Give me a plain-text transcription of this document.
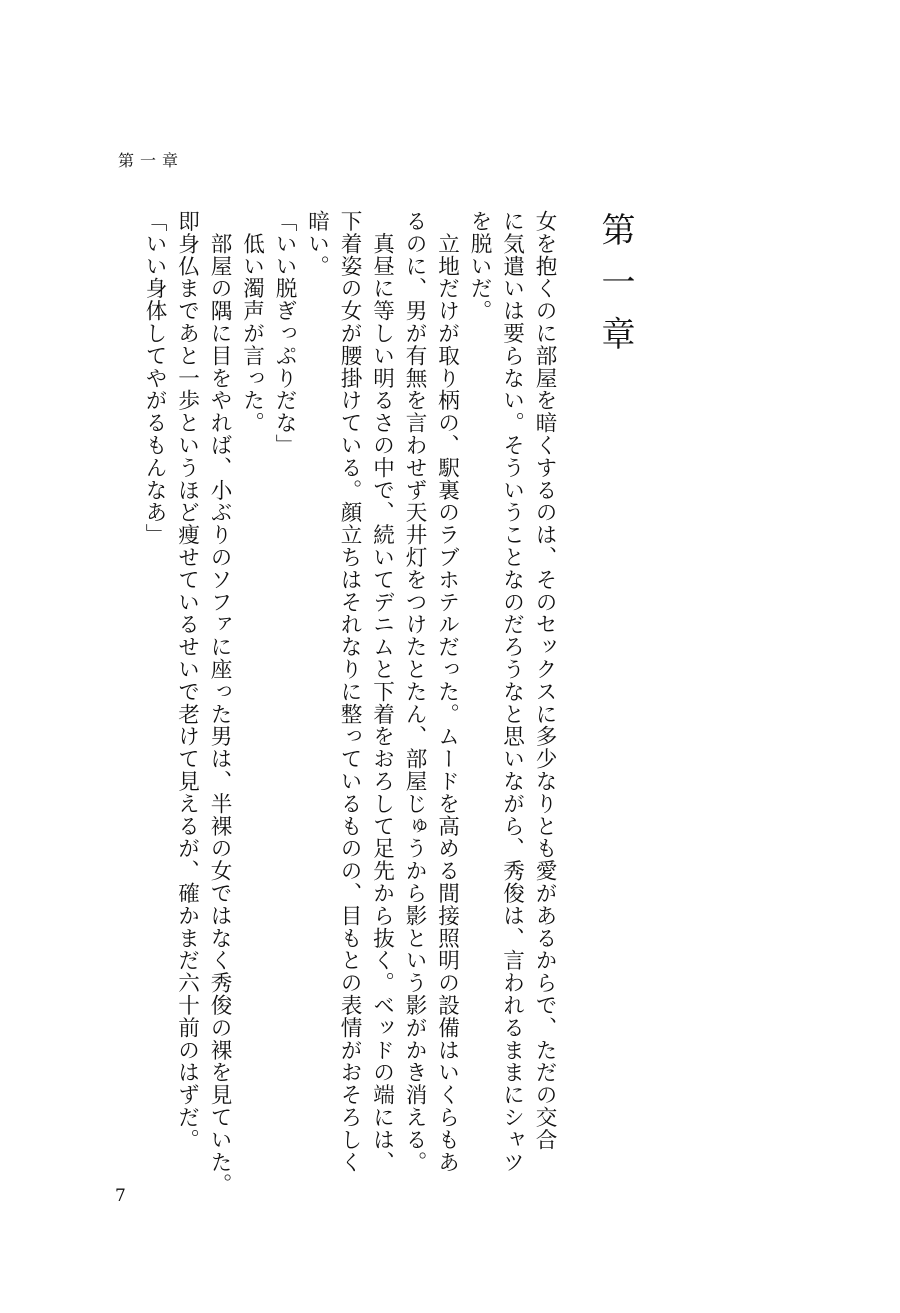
第一章
第一章

女を抱くのに部屋を暗くするのは、そのセックスに多少なりとも愛があるからで、ただの交合

に気遣いは要らない。そういうことなのだろうなと思いながら、秀俊は、言われるままにシャツ

を脱いだ。

　立地だけが取り柄の、駅裏のラブホテルだった。ムードを高める間接照明の設備はいくらもあ

るのに、男が有無を言わせず天井灯をつけたとたん、部屋じゅうから影という影がかき消える。

　真昼に等しい明るさの中で、続いてデニムと下着をおろして足先から抜く。ベッドの端には、

下着姿の女が腰掛けている。顔立ちはそれなりに整っているものの、目もとの表情がおそろしく

暗い。

「いい脱ぎっぷりだな」

　低い濁声が言った。

　部屋の隅に目をやれば、小ぶりのソファに座った男は、半裸の女ではなく秀俊の裸を見ていた。

即身仏まであと一歩というほど痩せているせいで老けて見えるが、確かまだ六十前のはずだ。

「いい身体してやがるもんなあ」

7
